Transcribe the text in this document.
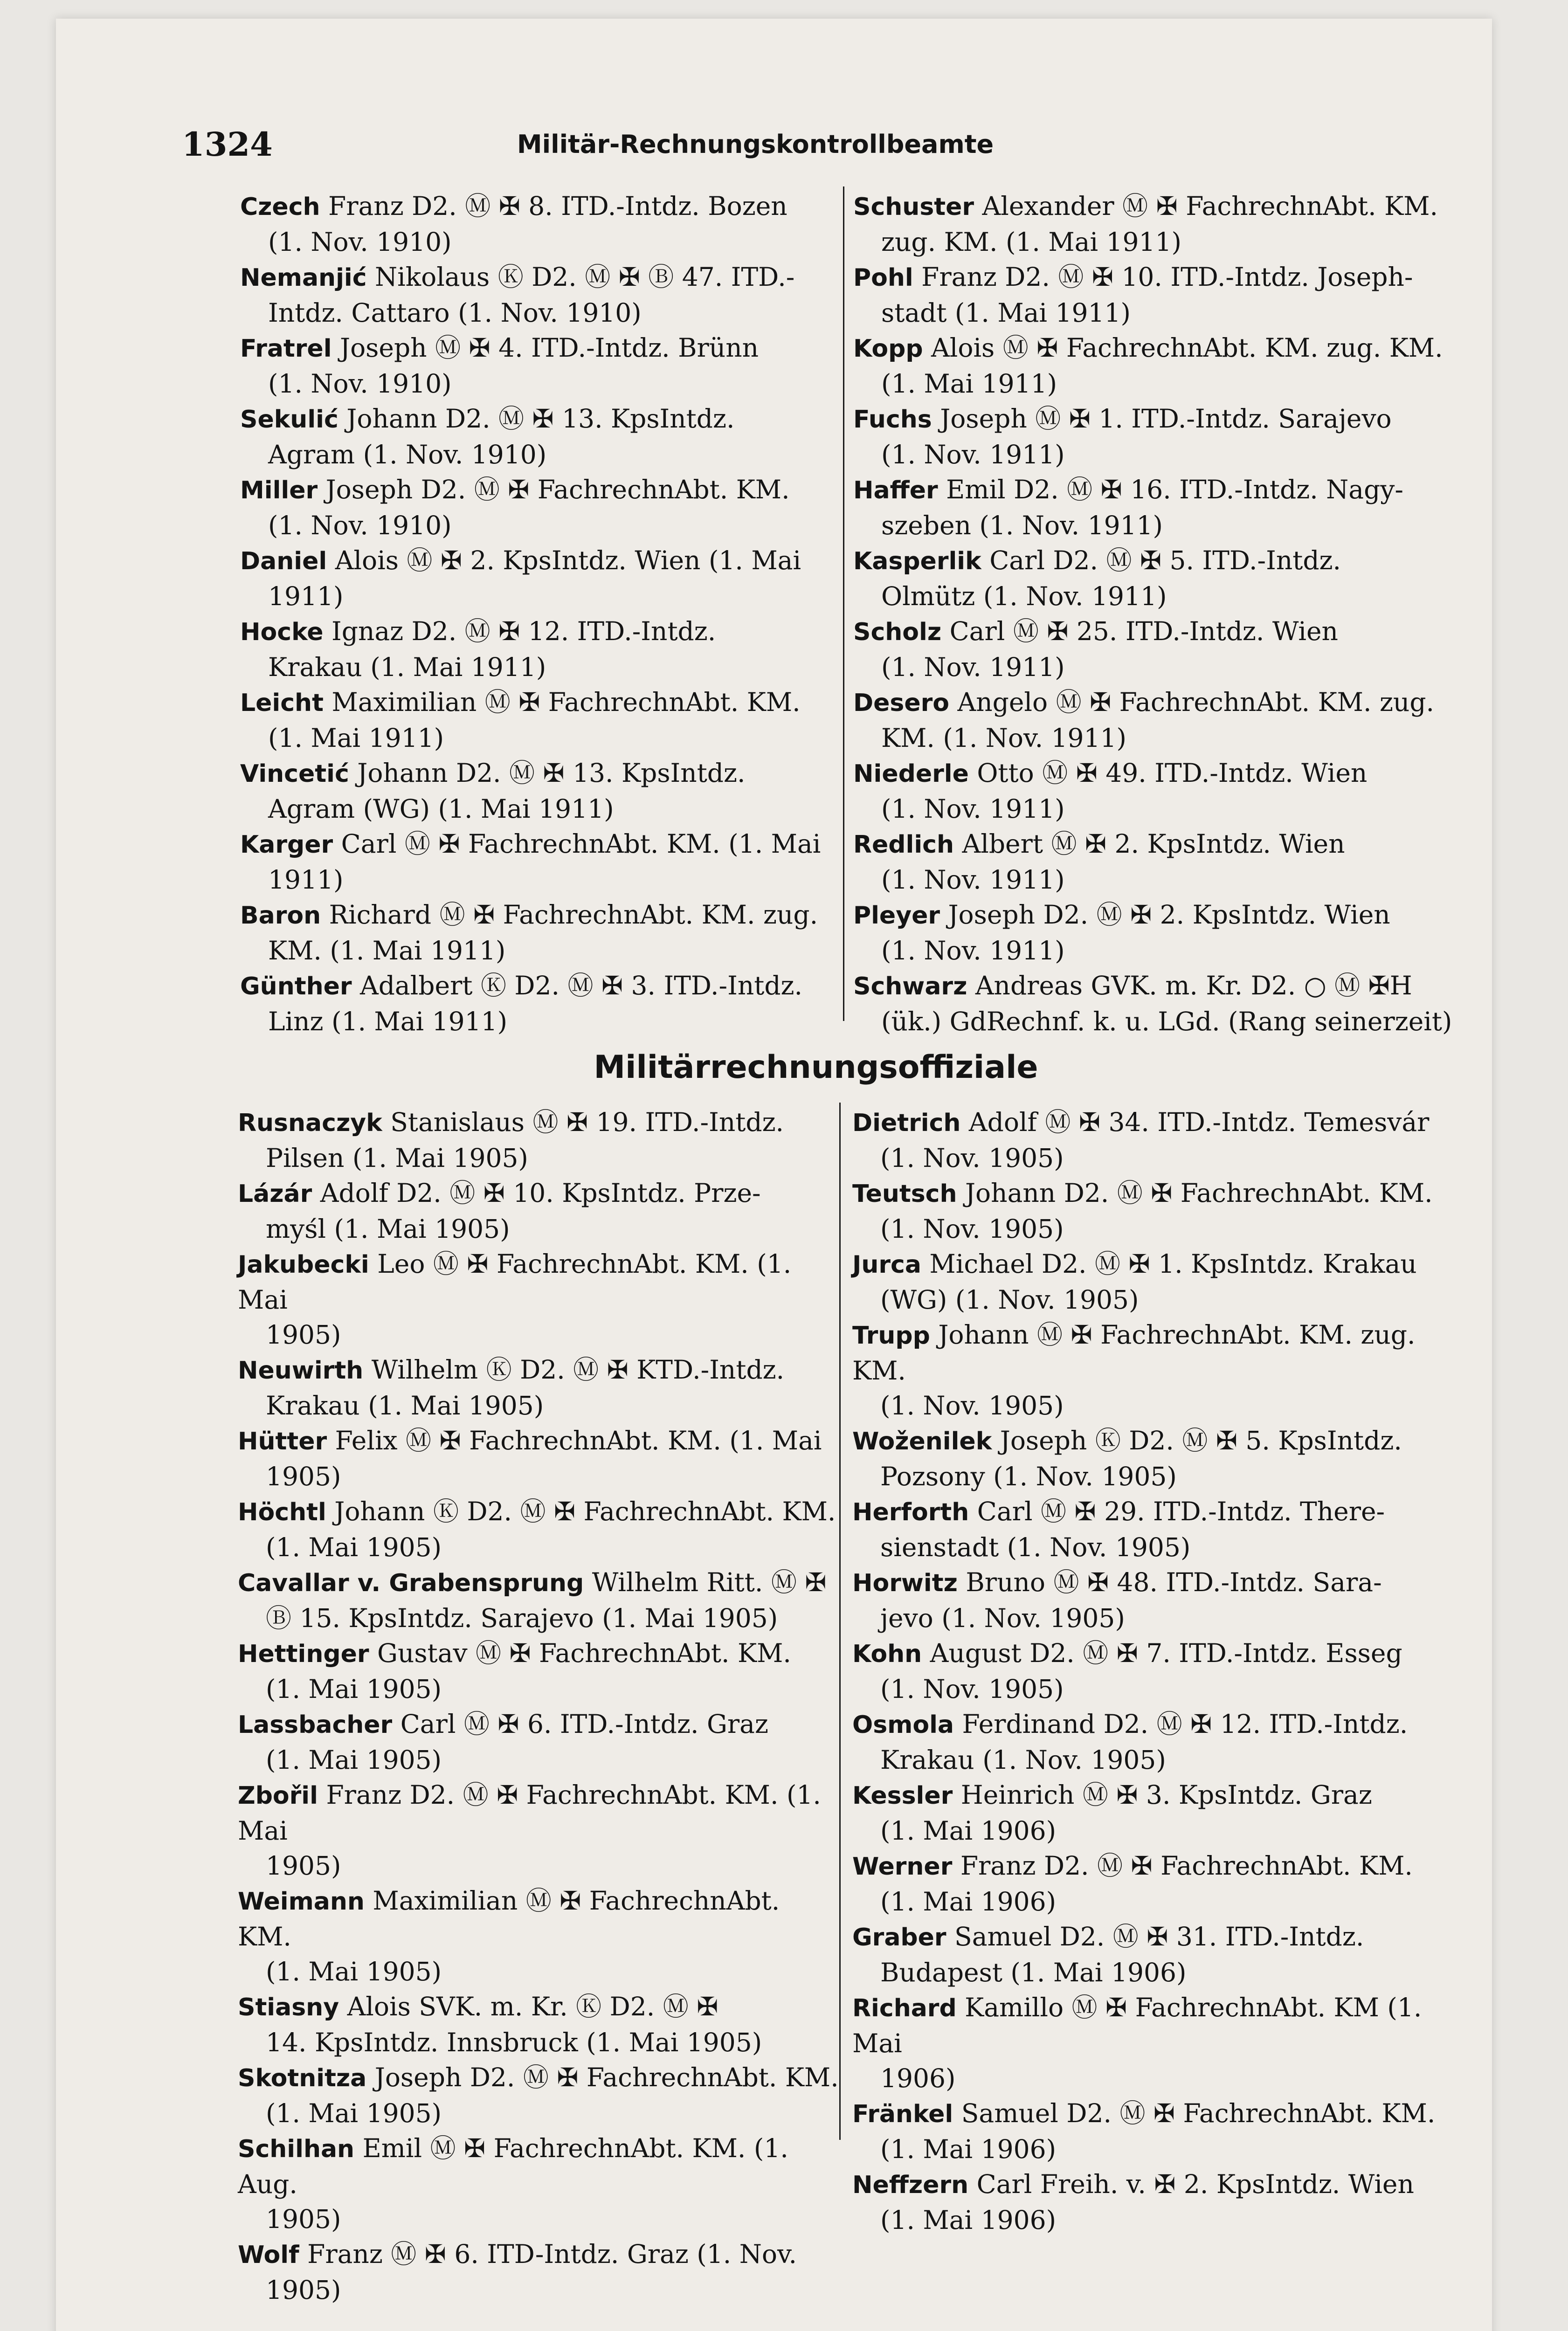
1324	Militär-Rechnungskontrollbeamte
Czech Franz D2. Ⓜ ✠ 8. ITD.-Intdz. Bozen
(1. Nov. 1910)
Nemanjić Nikolaus Ⓚ D2. Ⓜ ✠ Ⓑ 47. ITD.-
Intdz. Cattaro (1. Nov. 1910)
Fratrel Joseph Ⓜ ✠ 4. ITD.-Intdz. Brünn
(1. Nov. 1910)
Sekulić Johann D2. Ⓜ ✠ 13. KpsIntdz.
Agram (1. Nov. 1910)
Miller Joseph D2. Ⓜ ✠ FachrechnAbt. KM.
(1. Nov. 1910)
Daniel Alois Ⓜ ✠ 2. KpsIntdz. Wien (1. Mai
1911)
Hocke Ignaz D2. Ⓜ ✠ 12. ITD.-Intdz.
Krakau (1. Mai 1911)
Leicht Maximilian Ⓜ ✠ FachrechnAbt. KM.
(1. Mai 1911)
Vincetić Johann D2. Ⓜ ✠ 13. KpsIntdz.
Agram (WG) (1. Mai 1911)
Karger Carl Ⓜ ✠ FachrechnAbt. KM. (1. Mai
1911)
Baron Richard Ⓜ ✠ FachrechnAbt. KM. zug.
KM. (1. Mai 1911)
Günther Adalbert Ⓚ D2. Ⓜ ✠ 3. ITD.-Intdz.
Linz (1. Mai 1911)
Schuster Alexander Ⓜ ✠ FachrechnAbt. KM.
zug. KM. (1. Mai 1911)
Pohl Franz D2. Ⓜ ✠ 10. ITD.-Intdz. Joseph-
stadt (1. Mai 1911)
Kopp Alois Ⓜ ✠ FachrechnAbt. KM. zug. KM.
(1. Mai 1911)
Fuchs Joseph Ⓜ ✠ 1. ITD.-Intdz. Sarajevo
(1. Nov. 1911)
Haffer Emil D2. Ⓜ ✠ 16. ITD.-Intdz. Nagy-
szeben (1. Nov. 1911)
Kasperlik Carl D2. Ⓜ ✠ 5. ITD.-Intdz.
Olmütz (1. Nov. 1911)
Scholz Carl Ⓜ ✠ 25. ITD.-Intdz. Wien
(1. Nov. 1911)
Desero Angelo Ⓜ ✠ FachrechnAbt. KM. zug.
KM. (1. Nov. 1911)
Niederle Otto Ⓜ ✠ 49. ITD.-Intdz. Wien
(1. Nov. 1911)
Redlich Albert Ⓜ ✠ 2. KpsIntdz. Wien
(1. Nov. 1911)
Pleyer Joseph D2. Ⓜ ✠ 2. KpsIntdz. Wien
(1. Nov. 1911)
Schwarz Andreas GVK. m. Kr. D2. ○ Ⓜ ✠H
(ük.) GdRechnf. k. u. LGd. (Rang seinerzeit)
Militärrechnungsoffiziale
Rusnaczyk Stanislaus Ⓜ ✠ 19. ITD.-Intdz.
Pilsen (1. Mai 1905)
Lázár Adolf D2. Ⓜ ✠ 10. KpsIntdz. Prze-
myśl (1. Mai 1905)
Jakubecki Leo Ⓜ ✠ FachrechnAbt. KM. (1. Mai
1905)
Neuwirth Wilhelm Ⓚ D2. Ⓜ ✠ KTD.-Intdz.
Krakau (1. Mai 1905)
Hütter Felix Ⓜ ✠ FachrechnAbt. KM. (1. Mai
1905)
Höchtl Johann Ⓚ D2. Ⓜ ✠ FachrechnAbt. KM.
(1. Mai 1905)
Cavallar v. Grabensprung Wilhelm Ritt. Ⓜ ✠
Ⓑ 15. KpsIntdz. Sarajevo (1. Mai 1905)
Hettinger Gustav Ⓜ ✠ FachrechnAbt. KM.
(1. Mai 1905)
Lassbacher Carl Ⓜ ✠ 6. ITD.-Intdz. Graz
(1. Mai 1905)
Zbořil Franz D2. Ⓜ ✠ FachrechnAbt. KM. (1. Mai
1905)
Weimann Maximilian Ⓜ ✠ FachrechnAbt. KM.
(1. Mai 1905)
Stiasny Alois SVK. m. Kr. Ⓚ D2. Ⓜ ✠
14. KpsIntdz. Innsbruck (1. Mai 1905)
Skotnitza Joseph D2. Ⓜ ✠ FachrechnAbt. KM.
(1. Mai 1905)
Schilhan Emil Ⓜ ✠ FachrechnAbt. KM. (1. Aug.
1905)
Wolf Franz Ⓜ ✠ 6. ITD-Intdz. Graz (1. Nov.
1905)
Dietrich Adolf Ⓜ ✠ 34. ITD.-Intdz. Temesvár
(1. Nov. 1905)
Teutsch Johann D2. Ⓜ ✠ FachrechnAbt. KM.
(1. Nov. 1905)
Jurca Michael D2. Ⓜ ✠ 1. KpsIntdz. Krakau
(WG) (1. Nov. 1905)
Trupp Johann Ⓜ ✠ FachrechnAbt. KM. zug. KM.
(1. Nov. 1905)
Woženilek Joseph Ⓚ D2. Ⓜ ✠ 5. KpsIntdz.
Pozsony (1. Nov. 1905)
Herforth Carl Ⓜ ✠ 29. ITD.-Intdz. There-
sienstadt (1. Nov. 1905)
Horwitz Bruno Ⓜ ✠ 48. ITD.-Intdz. Sara-
jevo (1. Nov. 1905)
Kohn August D2. Ⓜ ✠ 7. ITD.-Intdz. Esseg
(1. Nov. 1905)
Osmola Ferdinand D2. Ⓜ ✠ 12. ITD.-Intdz.
Krakau (1. Nov. 1905)
Kessler Heinrich Ⓜ ✠ 3. KpsIntdz. Graz
(1. Mai 1906)
Werner Franz D2. Ⓜ ✠ FachrechnAbt. KM.
(1. Mai 1906)
Graber Samuel D2. Ⓜ ✠ 31. ITD.-Intdz.
Budapest (1. Mai 1906)
Richard Kamillo Ⓜ ✠ FachrechnAbt. KM (1. Mai
1906)
Fränkel Samuel D2. Ⓜ ✠ FachrechnAbt. KM.
(1. Mai 1906)
Neffzern Carl Freih. v. ✠ 2. KpsIntdz. Wien
(1. Mai 1906)
